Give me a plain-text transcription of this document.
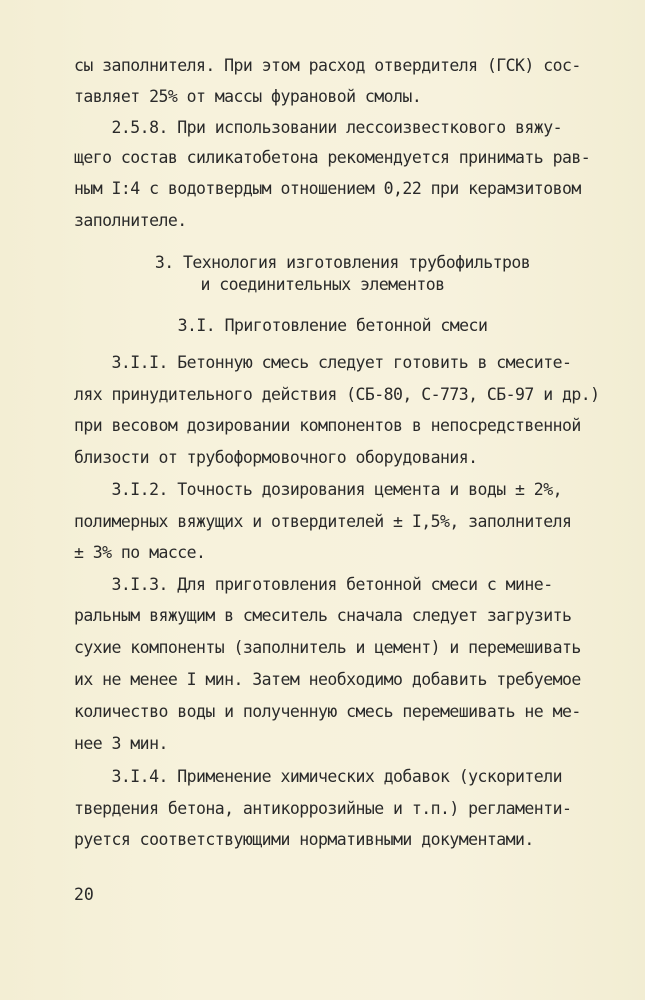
сы заполнителя. При этом расход отвердителя (ГСК) сос-
тавляет 25% от массы фурановой смолы.
2.5.8. При использовании лессоизвесткового вяжу-
щего состав силикатобетона рекомендуется принимать рав-
ным I:4 с водотвердым отношением 0,22 при керамзитовом
заполнителе.
3. Технология изготовления трубофильтров
и соединительных элементов
3.I. Приготовление бетонной смеси
3.I.I. Бетонную смесь следует готовить в смесите-
лях принудительного действия (СБ-80, С-773, СБ-97 и др.)
при весовом дозировании компонентов в непосредственной
близости от трубоформовочного оборудования.
3.I.2. Точность дозирования цемента и воды ± 2%,
полимерных вяжущих и отвердителей ± I,5%, заполнителя
± 3% по массе.
3.I.3. Для приготовления бетонной смеси с мине-
ральным вяжущим в смеситель сначала следует загрузить
сухие компоненты (заполнитель и цемент) и перемешивать
их не менее I мин. Затем необходимо добавить требуемое
количество воды и полученную смесь перемешивать не ме-
нее 3 мин.
3.I.4. Применение химических добавок (ускорители
твердения бетона, антикоррозийные и т.п.) регламенти-
руется соответствующими нормативными документами.
20
